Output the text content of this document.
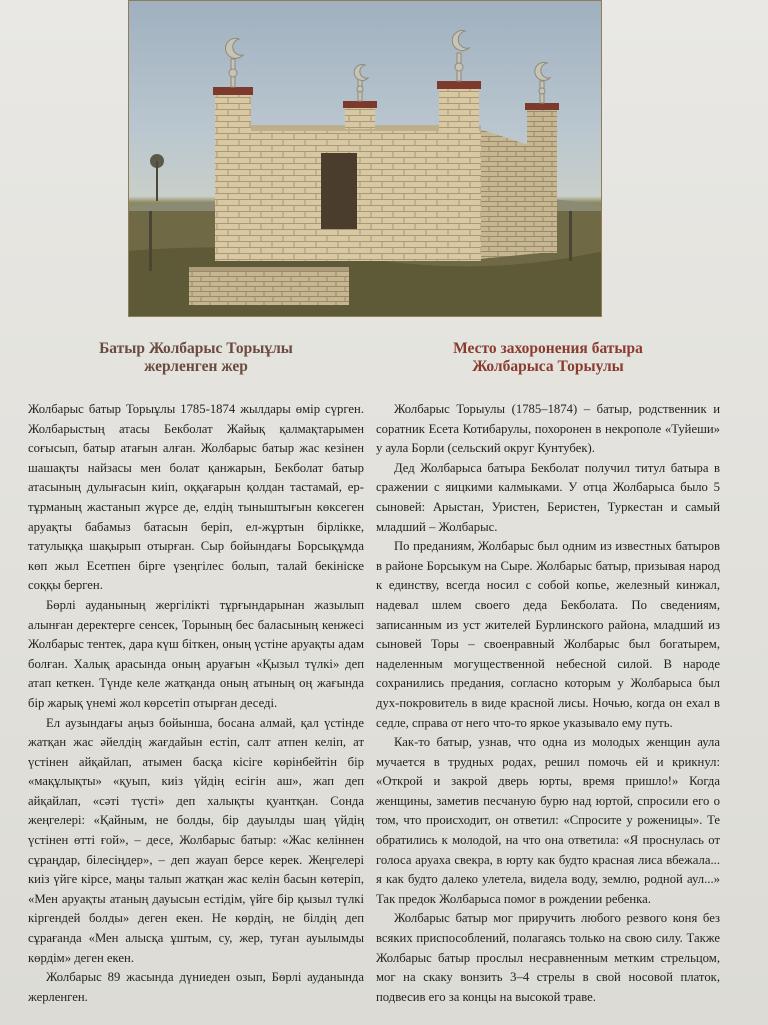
Батыр Жолбарыс Торыұлы
жерленген жер

Жолбарыс батыр Торыұлы 1785-1874 жылдары өмір сүрген. Жолбарыстың атасы Бекболат Жайық қалмақтарымен соғысып, батыр атағын алған. Жолбарыс батыр жас кезінен шашақты найзасы мен болат қанжарын, Бекболат батыр атасының дулығасын киіп, оққағарын қолдан тастамай, ер-тұрманың жастанып жүрсе де, елдің тыныштығын көксеген аруақты бабамыз батасын беріп, ел-жұртын бірлікке, татулыққа шақырып отырған. Сыр бойындағы Борсықұмда көп жыл Есетпен бірге үзеңгілес болып, талай бекініске соққы берген.

Бөрлі ауданының жергілікті тұрғындарынан жазылып алынған деректерге сенсек, Торының бес баласының кенжесі Жолбарыс тентек, дара күш біткен, оның үстіне аруақты адам болған. Халық арасында оның аруағын «Қызыл түлкі» деп атап кеткен. Түнде келе жатқанда оның атының оң жағында бір жарық үнемі жол көрсетіп отырған деседі.

Ел аузындағы аңыз бойынша, босана алмай, қал үстінде жатқан жас әйелдің жағдайын естіп, салт атпен келіп, ат үстінен айқайлап, атымен басқа кісіге көрінбейтін бір «мақұлықты» «қуып, киіз үйдің есігін аш», жап деп айқайлап, «сәті түсті» деп халықты қуантқан. Сонда жеңгелері: «Қайным, не болды, бір дауылды шаң үйдің үстінен өтті ғой», – десе, Жолбарыс батыр: «Жас келіннен сұраңдар, білесіңдер», – деп жауап берсе керек. Жеңгелері киіз үйге кірсе, маңы талып жатқан жас келін басын көтеріп, «Мен аруақты атаның дауысын естідім, үйге бір қызыл түлкі кіргендей болды» деген екен. Не көрдің, не білдің деп сұрағанда «Мен алысқа ұштым, су, жер, туған ауылымды көрдім» деген екен.

Жолбарыс 89 жасында дүниеден озып, Бөрлі ауданында жерленген.

Место захоронения батыра
Жолбарыса Торыулы

Жолбарыс Торыулы (1785–1874) – батыр, родственник и соратник Есета Котибарулы, похоронен в некрополе «Туйеши» у аула Борли (сельский округ Кунтубек).

Дед Жолбарыса батыра Бекболат получил титул батыра в сражении с яицкими калмыками. У отца Жолбарыса было 5 сыновей: Арыстан, Уристен, Беристен, Туркестан и самый младший – Жолбарыс.

По преданиям, Жолбарыс был одним из известных батыров в районе Борсыкум на Сыре. Жолбарыс батыр, призывая народ к единству, всегда носил с собой копье, железный кинжал, надевал шлем своего деда Бекболата. По сведениям, записанным из уст жителей Бурлинского района, младший из сыновей Торы – своенравный Жолбарыс был богатырем, наделенным могущественной небесной силой. В народе сохранились предания, согласно которым у Жолбарыса был дух-покровитель в виде красной лисы. Ночью, когда он ехал в седле, справа от него что-то яркое указывало ему путь.

Как-то батыр, узнав, что одна из молодых женщин аула мучается в трудных родах, решил помочь ей и крикнул: «Открой и закрой дверь юрты, время пришло!» Когда женщины, заметив песчаную бурю над юртой, спросили его о том, что происходит, он ответил: «Спросите у роженицы». Те обратились к молодой, на что она ответила: «Я проснулась от голоса аруаха свекра, в юрту как будто красная лиса вбежала... я как будто далеко улетела, видела воду, землю, родной аул...» Так предок Жолбарыса помог в рождении ребенка.

Жолбарыс батыр мог приручить любого резвого коня без всяких приспособлений, полагаясь только на свою силу. Также Жолбарыс батыр прослыл несравненным метким стрельцом, мог на скаку вонзить 3–4 стрелы в свой носовой платок, подвесив его за концы на высокой траве.
